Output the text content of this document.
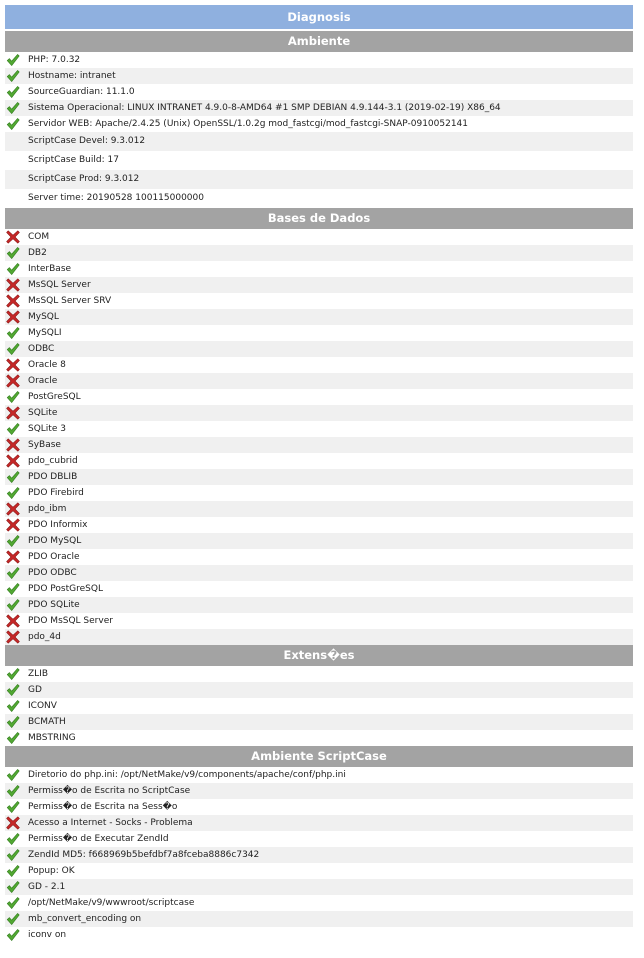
Diagnosis
Ambiente
PHP: 7.0.32
Hostname: intranet
SourceGuardian: 11.1.0
Sistema Operacional: LINUX INTRANET 4.9.0-8-AMD64 #1 SMP DEBIAN 4.9.144-3.1 (2019-02-19) X86_64
Servidor WEB: Apache/2.4.25 (Unix) OpenSSL/1.0.2g mod_fastcgi/mod_fastcgi-SNAP-0910052141
ScriptCase Devel: 9.3.012
ScriptCase Build: 17
ScriptCase Prod: 9.3.012
Server time: 20190528 100115000000
Bases de Dados
COM
DB2
InterBase
MsSQL Server
MsSQL Server SRV
MySQL
MySQLI
ODBC
Oracle 8
Oracle
PostGreSQL
SQLite
SQLite 3
SyBase
pdo_cubrid
PDO DBLIB
PDO Firebird
pdo_ibm
PDO Informix
PDO MySQL
PDO Oracle
PDO ODBC
PDO PostGreSQL
PDO SQLite
PDO MsSQL Server
pdo_4d
Extens�es
ZLIB
GD
ICONV
BCMATH
MBSTRING
Ambiente ScriptCase
Diretorio do php.ini: /opt/NetMake/v9/components/apache/conf/php.ini
Permiss�o de Escrita no ScriptCase
Permiss�o de Escrita na Sess�o
Acesso a Internet - Socks - Problema
Permiss�o de Executar ZendId
ZendId MD5: f668969b5befdbf7a8fceba8886c7342
Popup: OK
GD - 2.1
/opt/NetMake/v9/wwwroot/scriptcase
mb_convert_encoding on
iconv on
